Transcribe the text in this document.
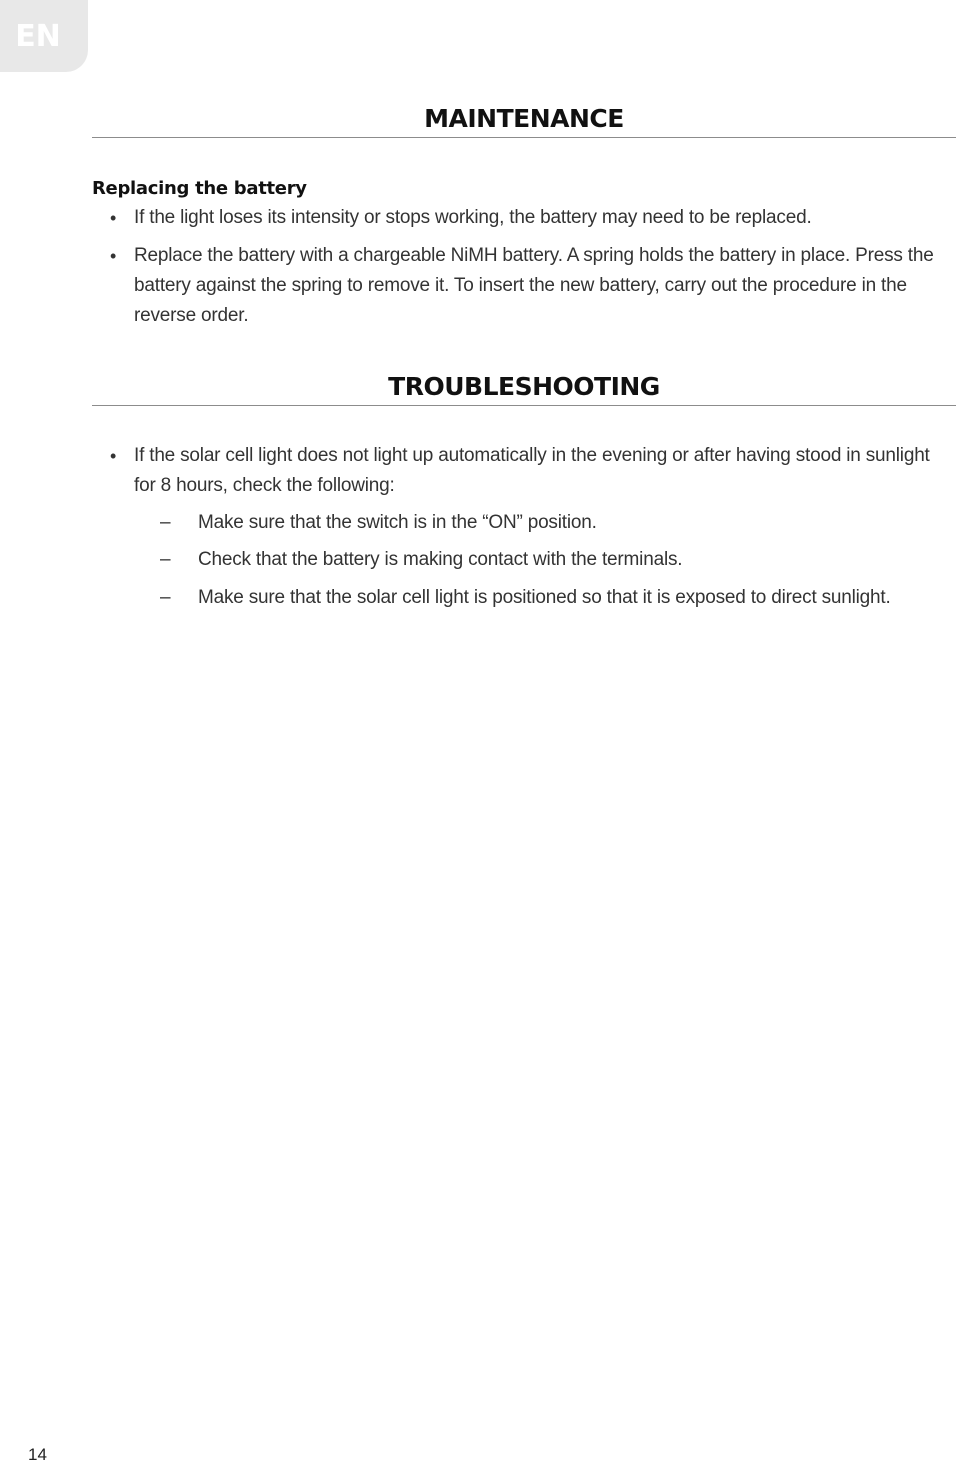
EN
MAINTENANCE
Replacing the battery
• If the light loses its intensity or stops working, the battery may need to be replaced.
• Replace the battery with a chargeable NiMH battery. A spring holds the battery in place. Press the battery against the spring to remove it. To insert the new battery, carry out the procedure in the reverse order.
TROUBLESHOOTING
• If the solar cell light does not light up automatically in the evening or after having stood in sunlight for 8 hours, check the following:
–	Make sure that the switch is in the “ON” position.
–	Check that the battery is making contact with the terminals.
–	Make sure that the solar cell light is positioned so that it is exposed to direct sunlight.
14
